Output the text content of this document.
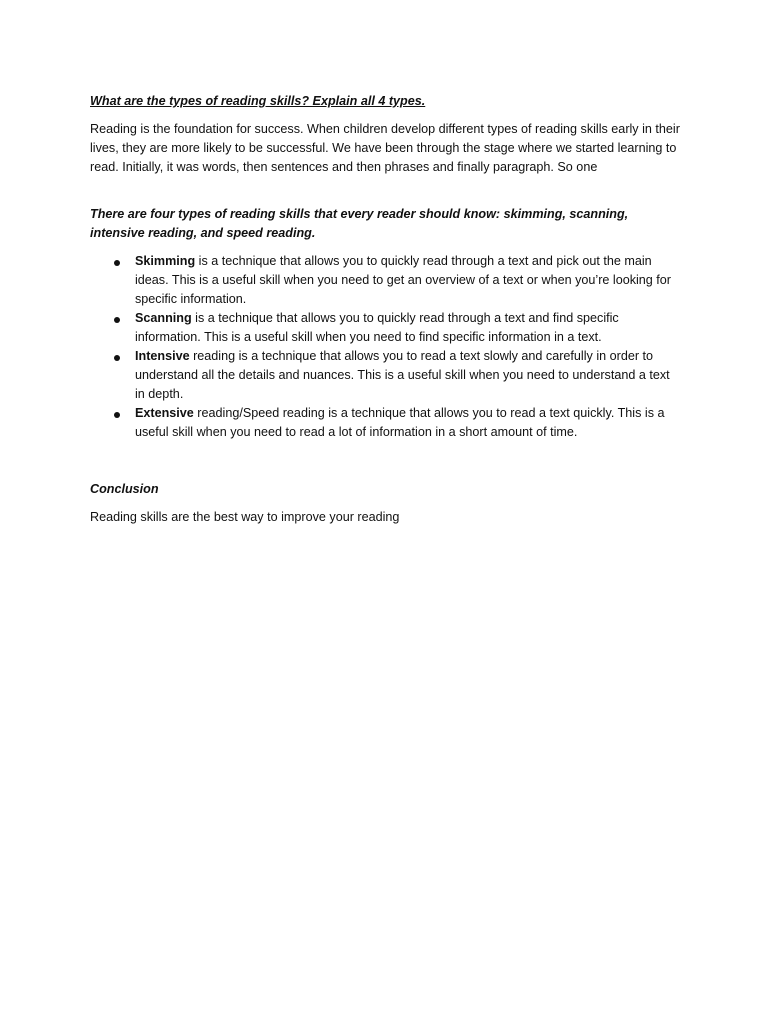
What are the types of reading skills? Explain all 4 types.

Reading is the foundation for success. When children develop different types of reading skills early in their lives, they are more likely to be successful. We have been through the stage where we started learning to read. Initially, it was words, then sentences and then phrases and finally paragraph. So one

There are four types of reading skills that every reader should know: skimming, scanning, intensive reading, and speed reading.

Skimming is a technique that allows you to quickly read through a text and pick out the main ideas. This is a useful skill when you need to get an overview of a text or when you’re looking for specific information.
Scanning is a technique that allows you to quickly read through a text and find specific information. This is a useful skill when you need to find specific information in a text.
Intensive reading is a technique that allows you to read a text slowly and carefully in order to understand all the details and nuances. This is a useful skill when you need to understand a text in depth.
Extensive reading/Speed reading is a technique that allows you to read a text quickly. This is a useful skill when you need to read a lot of information in a short amount of time.

Conclusion

Reading skills are the best way to improve your reading
